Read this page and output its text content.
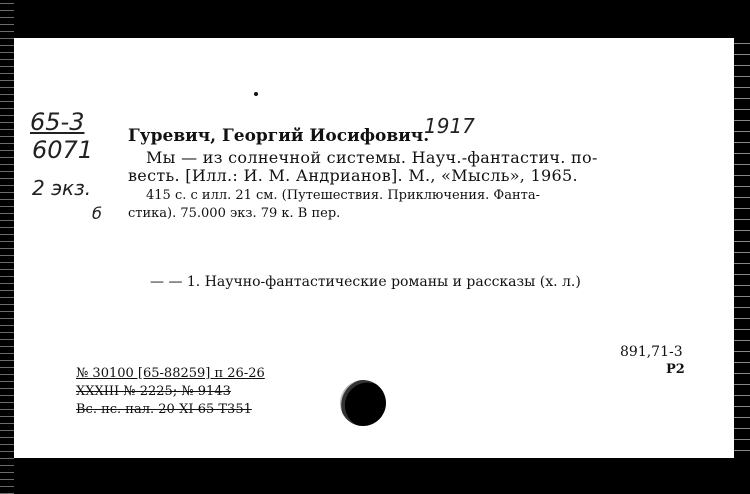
65-3
6071
2 экз.
б
Гуревич, Георгий Иосифович.
1917
Мы — из солнечной системы. Науч.-фантастич. по-
весть. [Илл.: И. М. Андрианов]. М., «Мысль», 1965.
415 с. с илл. 21 см. (Путешествия. Приключения. Фанта-
стика). 75.000 экз. 79 к. В пер.
— — 1. Научно-фантастические романы и рассказы (х. л.)
891,71-3
Р2
№ 30100 [65-88259] п 26-26
XXXIII № 2225; № 9143
Вс. пс. пал. 20-XI 65 Т351
